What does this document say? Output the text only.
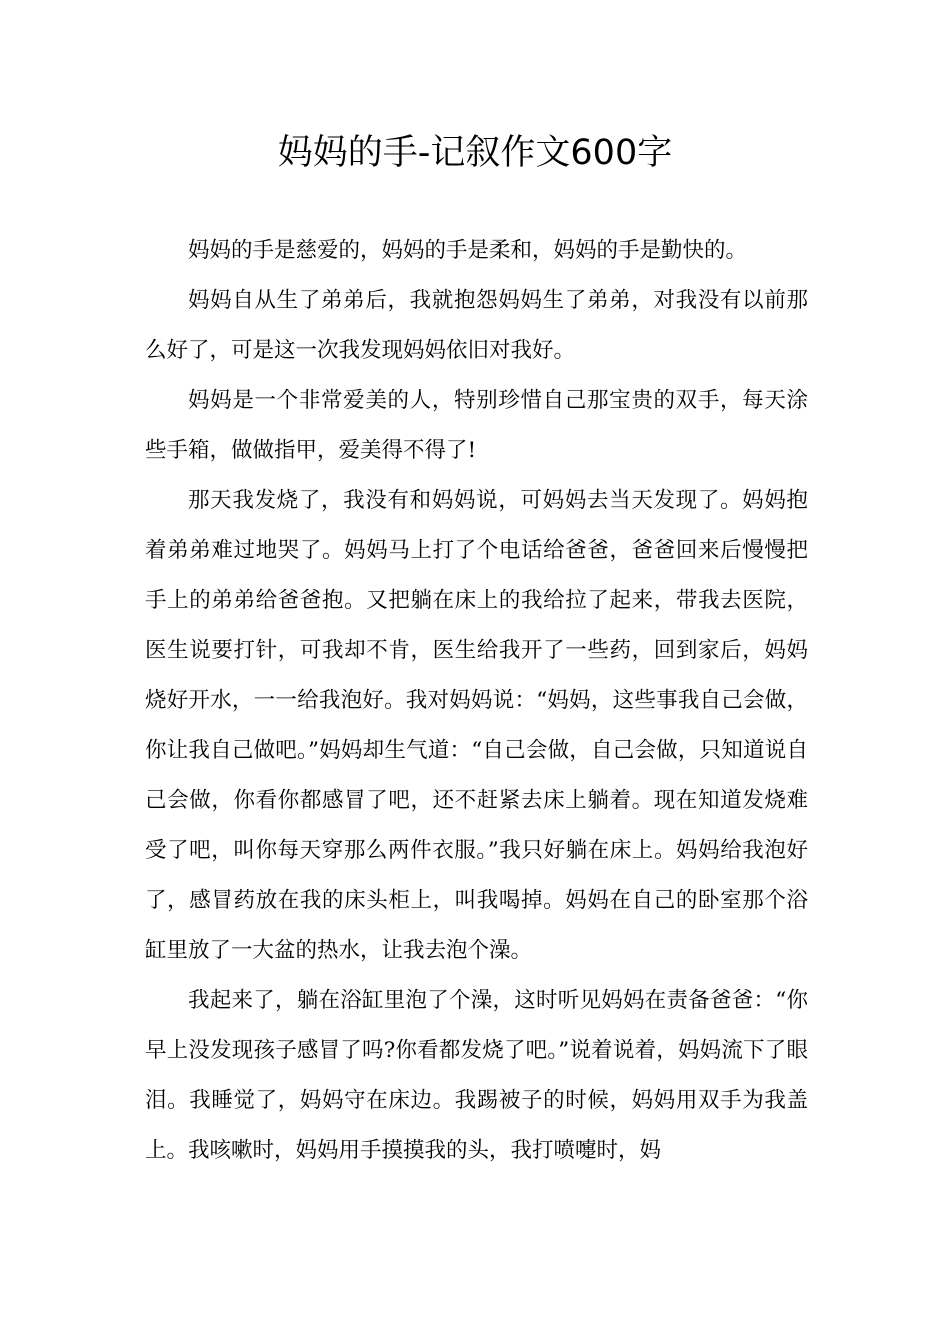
妈妈的手-记叙作文600字

妈妈的手是慈爱的，妈妈的手是柔和，妈妈的手是勤快的。

妈妈自从生了弟弟后，我就抱怨妈妈生了弟弟，对我没有以前那么好了，可是这一次我发现妈妈依旧对我好。

妈妈是一个非常爱美的人，特别珍惜自己那宝贵的双手，每天涂些手箱，做做指甲，爱美得不得了!

那天我发烧了，我没有和妈妈说，可妈妈去当天发现了。妈妈抱着弟弟难过地哭了。妈妈马上打了个电话给爸爸，爸爸回来后慢慢把手上的弟弟给爸爸抱。又把躺在床上的我给拉了起来，带我去医院，医生说要打针，可我却不肯，医生给我开了一些药，回到家后，妈妈烧好开水，一一给我泡好。我对妈妈说：“妈妈，这些事我自己会做，你让我自己做吧。”妈妈却生气道：“自己会做，自己会做，只知道说自己会做，你看你都感冒了吧，还不赶紧去床上躺着。现在知道发烧难受了吧，叫你每天穿那么两件衣服。”我只好躺在床上。妈妈给我泡好了，感冒药放在我的床头柜上，叫我喝掉。妈妈在自己的卧室那个浴缸里放了一大盆的热水，让我去泡个澡。

我起来了，躺在浴缸里泡了个澡，这时听见妈妈在责备爸爸：“你早上没发现孩子感冒了吗?你看都发烧了吧。”说着说着，妈妈流下了眼泪。我睡觉了，妈妈守在床边。我踢被子的时候，妈妈用双手为我盖上。我咳嗽时，妈妈用手摸摸我的头，我打喷嚏时，妈
